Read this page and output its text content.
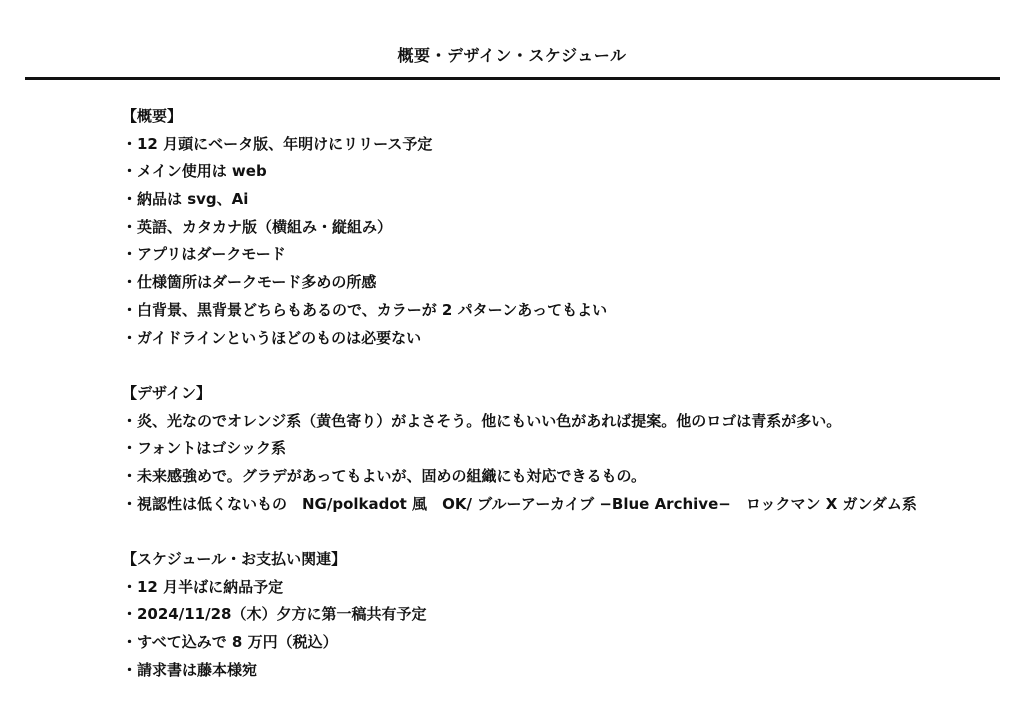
概要・デザイン・スケジュール
【概要】
・12 月頭にベータ版、年明けにリリース予定
・メイン使用は web
・納品は svg、Ai
・英語、カタカナ版（横組み・縦組み）
・アプリはダークモード
・仕様箇所はダークモード多めの所感
・白背景、黒背景どちらもあるので、カラーが 2 パターンあってもよい
・ガイドラインというほどのものは必要ない
【デザイン】
・炎、光なのでオレンジ系（黄色寄り）がよさそう。他にもいい色があれば提案。他のロゴは青系が多い。
・フォントはゴシック系
・未来感強めで。グラデがあってもよいが、固めの組織にも対応できるもの。
・視認性は低くないもの　NG/polkadot 風　OK/ ブルーアーカイブ −Blue Archive−　ロックマン X ガンダム系
【スケジュール・お支払い関連】
・12 月半ばに納品予定
・2024/11/28（木）夕方に第一稿共有予定
・すべて込みで 8 万円（税込）
・請求書は藤本様宛
